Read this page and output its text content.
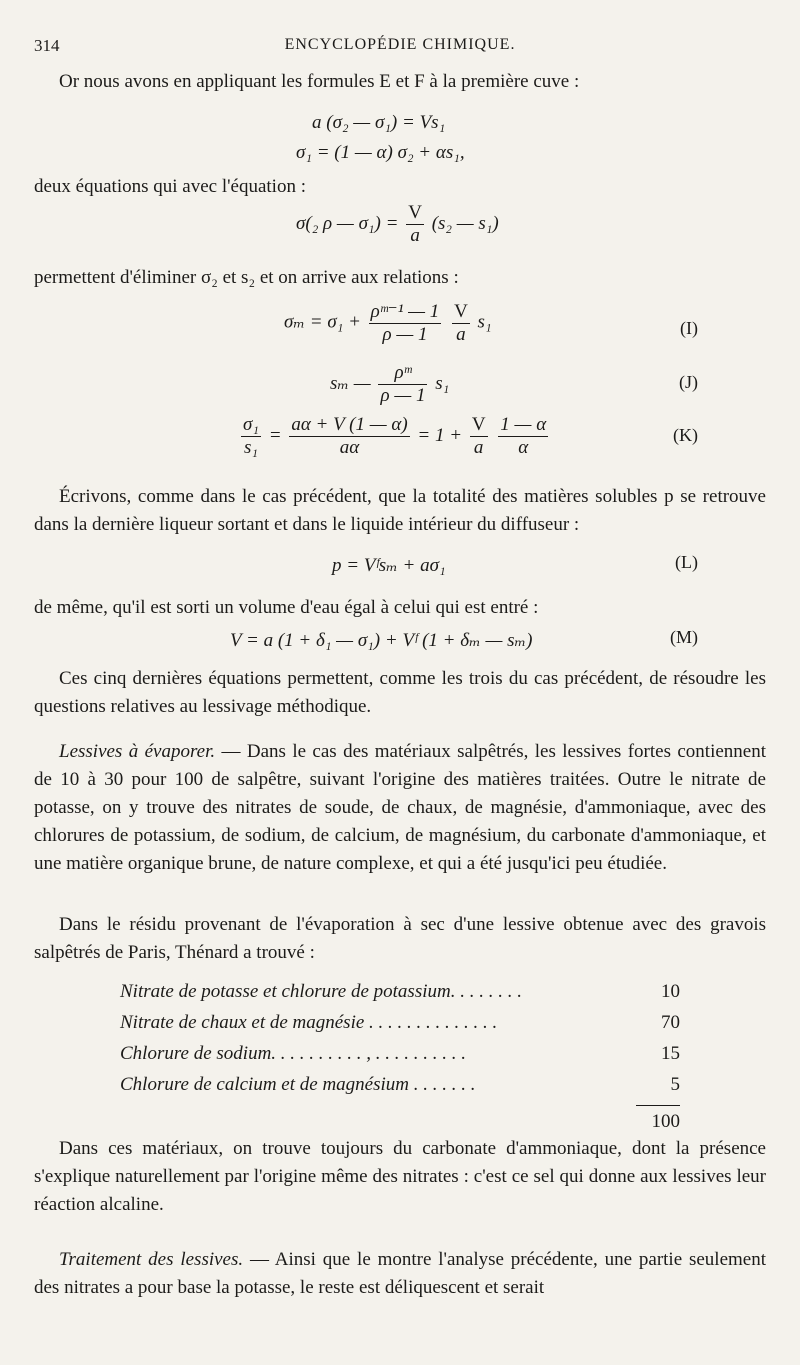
314	ENCYCLOPÉDIE CHIMIQUE.

Or nous avons en appliquant les formules E et F à la première cuve :

a (σ₂ — σ₁) = Vs₁
σ₁ = (1 — α) σ₂ + αs₁,

deux équations qui avec l'équation :

σ(₂ ρ — $\sigma_1) = \frac{V}{a} (s_2$ — s₁)

permettent d'éliminer σ₂ et s₂ et on arrive aux relations :

$\sigma_m = \sigma_1 + \frac{\text{ρᵐ⁻¹ — 1}}{\rho — 1}$
$\frac{V}{a} s_1$	(I)
sₘ — $\frac{\text{ρᵐ}}{\rho — 1} s_1$	(J)
$\frac{\text{σ₁}}{\text{s₁}} = \frac{a\alpha + V (1 — \alpha)}{a\alpha} = 1 + \frac{V}{a}$
$\frac{1 — \alpha}{\alpha}$	(K)

Écrivons, comme dans le cas précédent, que la totalité des matières solubles p se retrouve dans la dernière liqueur sortant et dans le liquide intérieur du diffuseur :

p = Vᶠsₘ + aσ₁	(L)

de même, qu'il est sorti un volume d'eau égal à celui qui est entré :

V = a (1 + δ₁ — σ₁) + Vᶠ (1 + δₘ — sₘ)	(M)

Ces cinq dernières équations permettent, comme les trois du cas précédent, de résoudre les questions relatives au lessivage méthodique.

Lessives à évaporer. — Dans le cas des matériaux salpêtrés, les lessives fortes contiennent de 10 à 30 pour 100 de salpêtre, suivant l'origine des matières traitées. Outre le nitrate de potasse, on y trouve des nitrates de soude, de chaux, de magnésie, d'ammoniaque, avec des chlorures de potassium, de sodium, de calcium, de magnésium, du carbonate d'ammoniaque, et une matière organique brune, de nature complexe, et qui a été jusqu'ici peu étudiée.

Dans le résidu provenant de l'évaporation à sec d'une lessive obtenue avec des gravois salpêtrés de Paris, Thénard a trouvé :

Nitrate de potasse et chlorure de potassium. . . . . . . .	10
Nitrate de chaux et de magnésie . . . . . . . . . . . . . .	70
Chlorure de sodium. . . . . . . . . . , . . . . . . . . . .	15
Chlorure de calcium et de magnésium . . . . . . .	5
100

Dans ces matériaux, on trouve toujours du carbonate d'ammoniaque, dont la présence s'explique naturellement par l'origine même des nitrates : c'est ce sel qui donne aux lessives leur réaction alcaline.

Traitement des lessives. — Ainsi que le montre l'analyse précédente, une partie seulement des nitrates a pour base la potasse, le reste est déliquescent et serait
